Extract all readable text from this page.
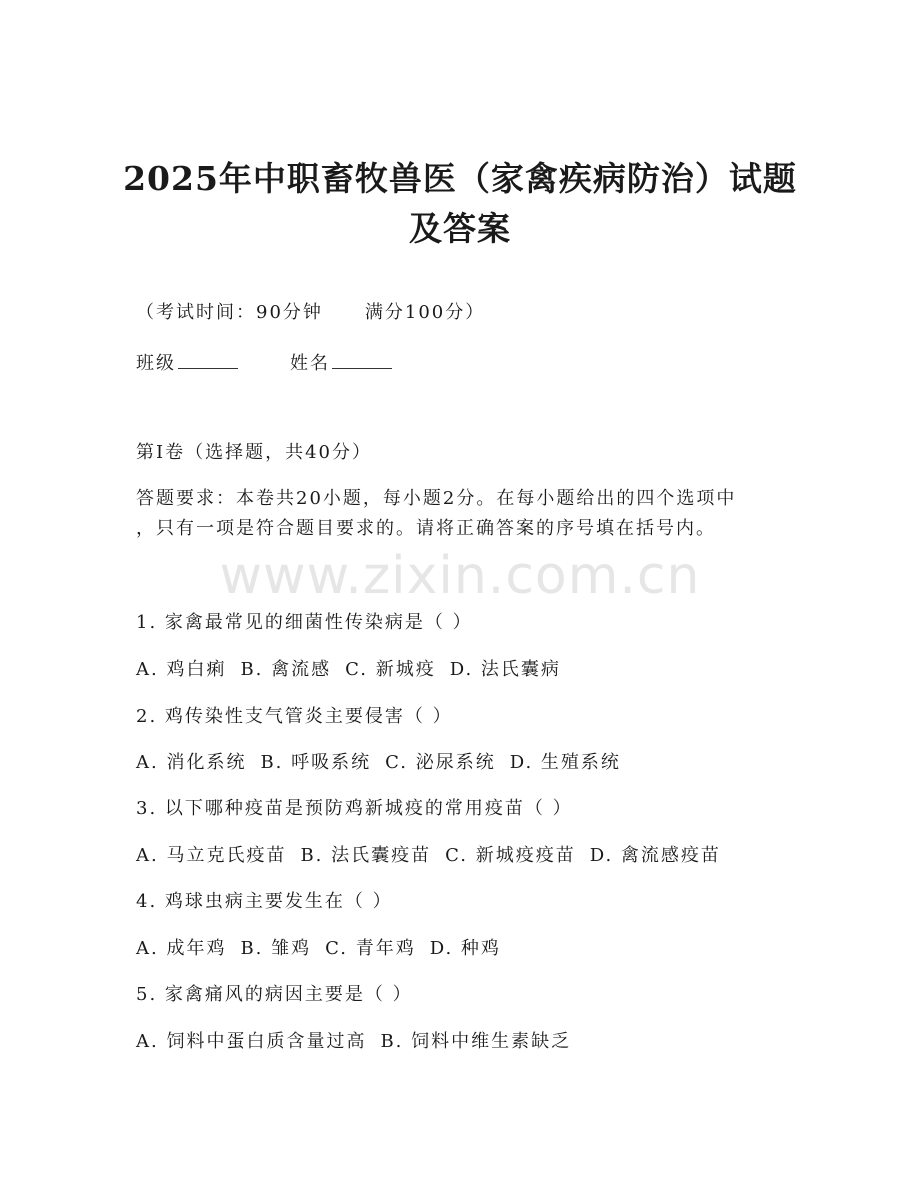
2025年中职畜牧兽医（家禽疾病防治）试题
及答案
（考试时间：90分钟 满分100分）
班级	姓名
第I卷（选择题，共40分）
答题要求：本卷共20小题，每小题2分。在每小题给出的四个选项中
，只有一项是符合题目要求的。请将正确答案的序号填在括号内。
www.zixin.com.cn
1. 家禽最常见的细菌性传染病是（ ）
A. 鸡白痢 B. 禽流感 C. 新城疫 D. 法氏囊病
2. 鸡传染性支气管炎主要侵害（ ）
A. 消化系统 B. 呼吸系统 C. 泌尿系统 D. 生殖系统
3. 以下哪种疫苗是预防鸡新城疫的常用疫苗（ ）
A. 马立克氏疫苗 B. 法氏囊疫苗 C. 新城疫疫苗 D. 禽流感疫苗
4. 鸡球虫病主要发生在（ ）
A. 成年鸡 B. 雏鸡 C. 青年鸡 D. 种鸡
5. 家禽痛风的病因主要是（ ）
A. 饲料中蛋白质含量过高 B. 饲料中维生素缺乏
